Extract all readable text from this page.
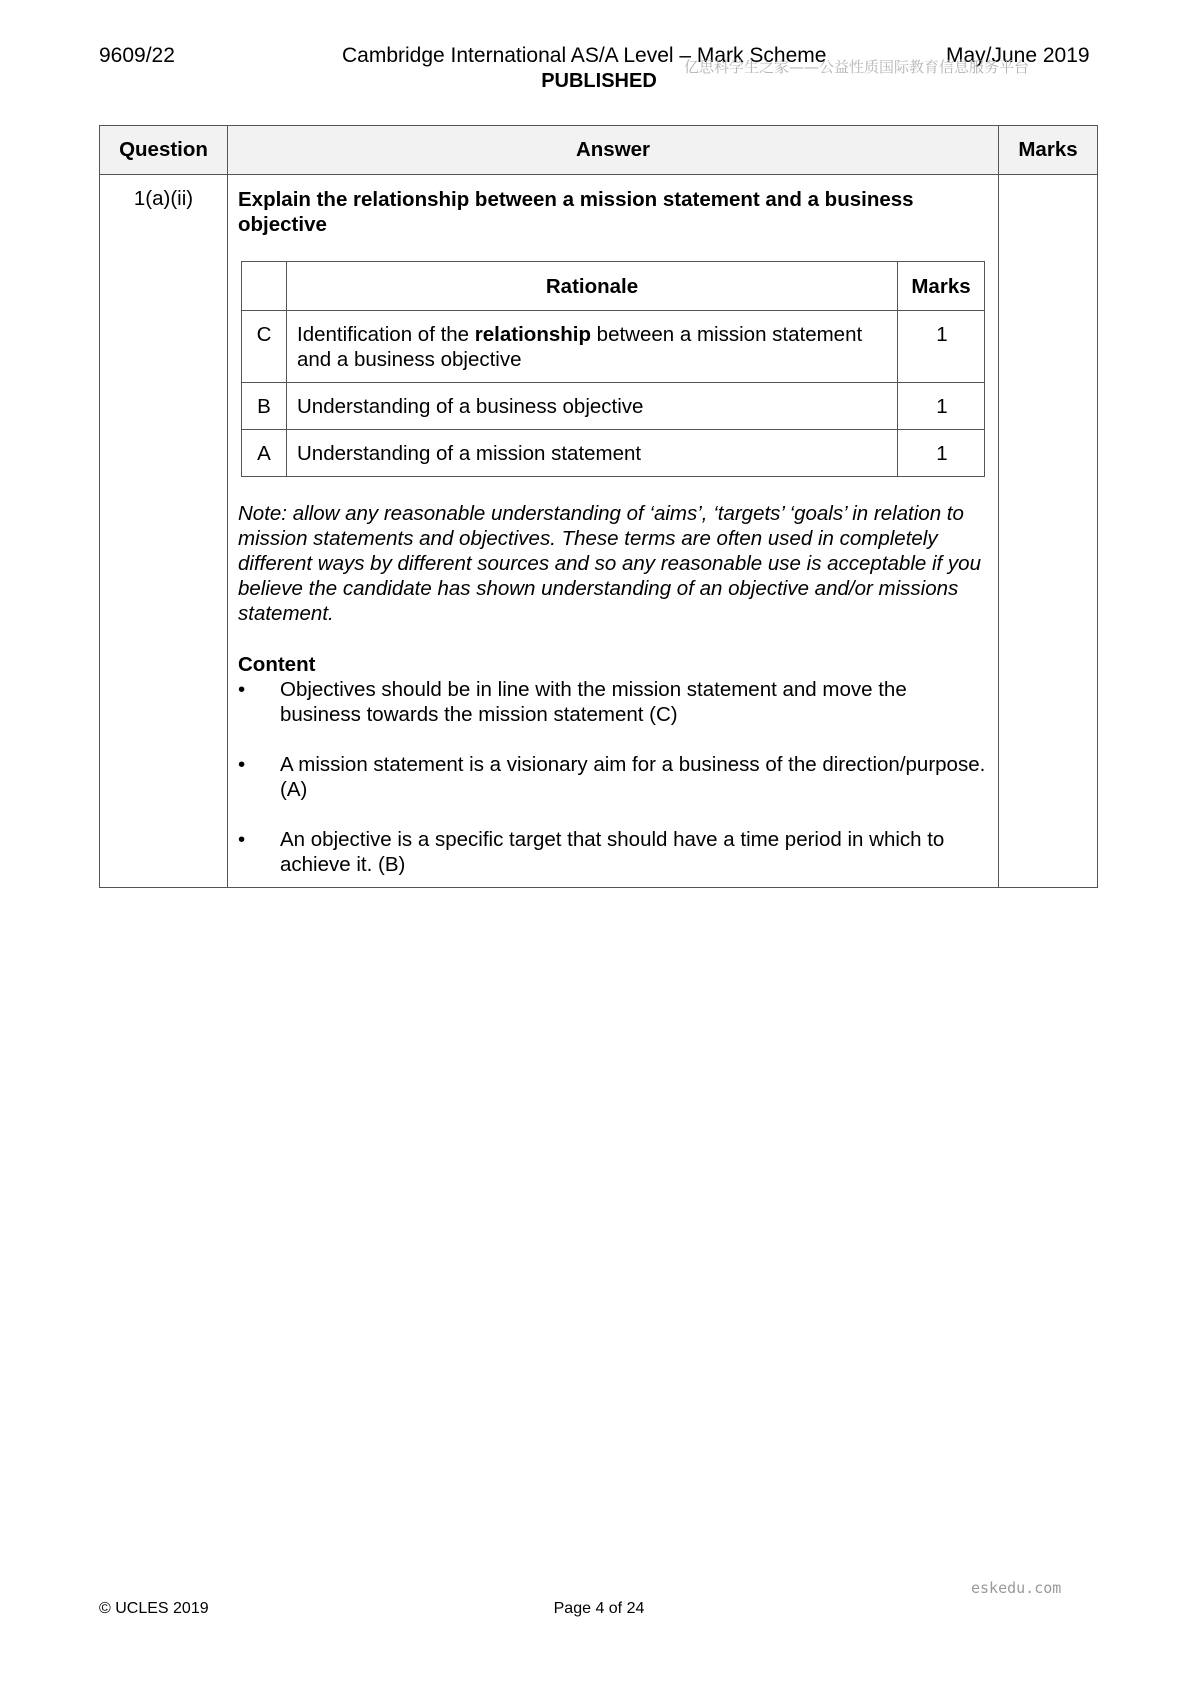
9609/22	Cambridge International AS/A Level – Mark Scheme	May/June 2019
PUBLISHED
亿思科学生之家——公益性质国际教育信息服务平台
Question	Answer	Marks
1(a)(ii)	Explain the relationship between a mission statement and a business objective

	Rationale	Marks
C	Identification of the relationship between a mission statement and a business objective	1
B	Understanding of a business objective	1
A	Understanding of a mission statement	1

Note: allow any reasonable understanding of ‘aims’, ‘targets’ ‘goals’ in relation to mission statements and objectives. These terms are often used in completely different ways by different sources and so any reasonable use is acceptable if you believe the candidate has shown understanding of an objective and/or missions statement.

Content

• Objectives should be in line with the mission statement and move the business towards the mission statement (C)
• A mission statement is a visionary aim for a business of the direction/purpose. (A)
• An objective is a specific target that should have a time period in which to achieve it. (B)

eskedu.com
© UCLES 2019	Page 4 of 24
